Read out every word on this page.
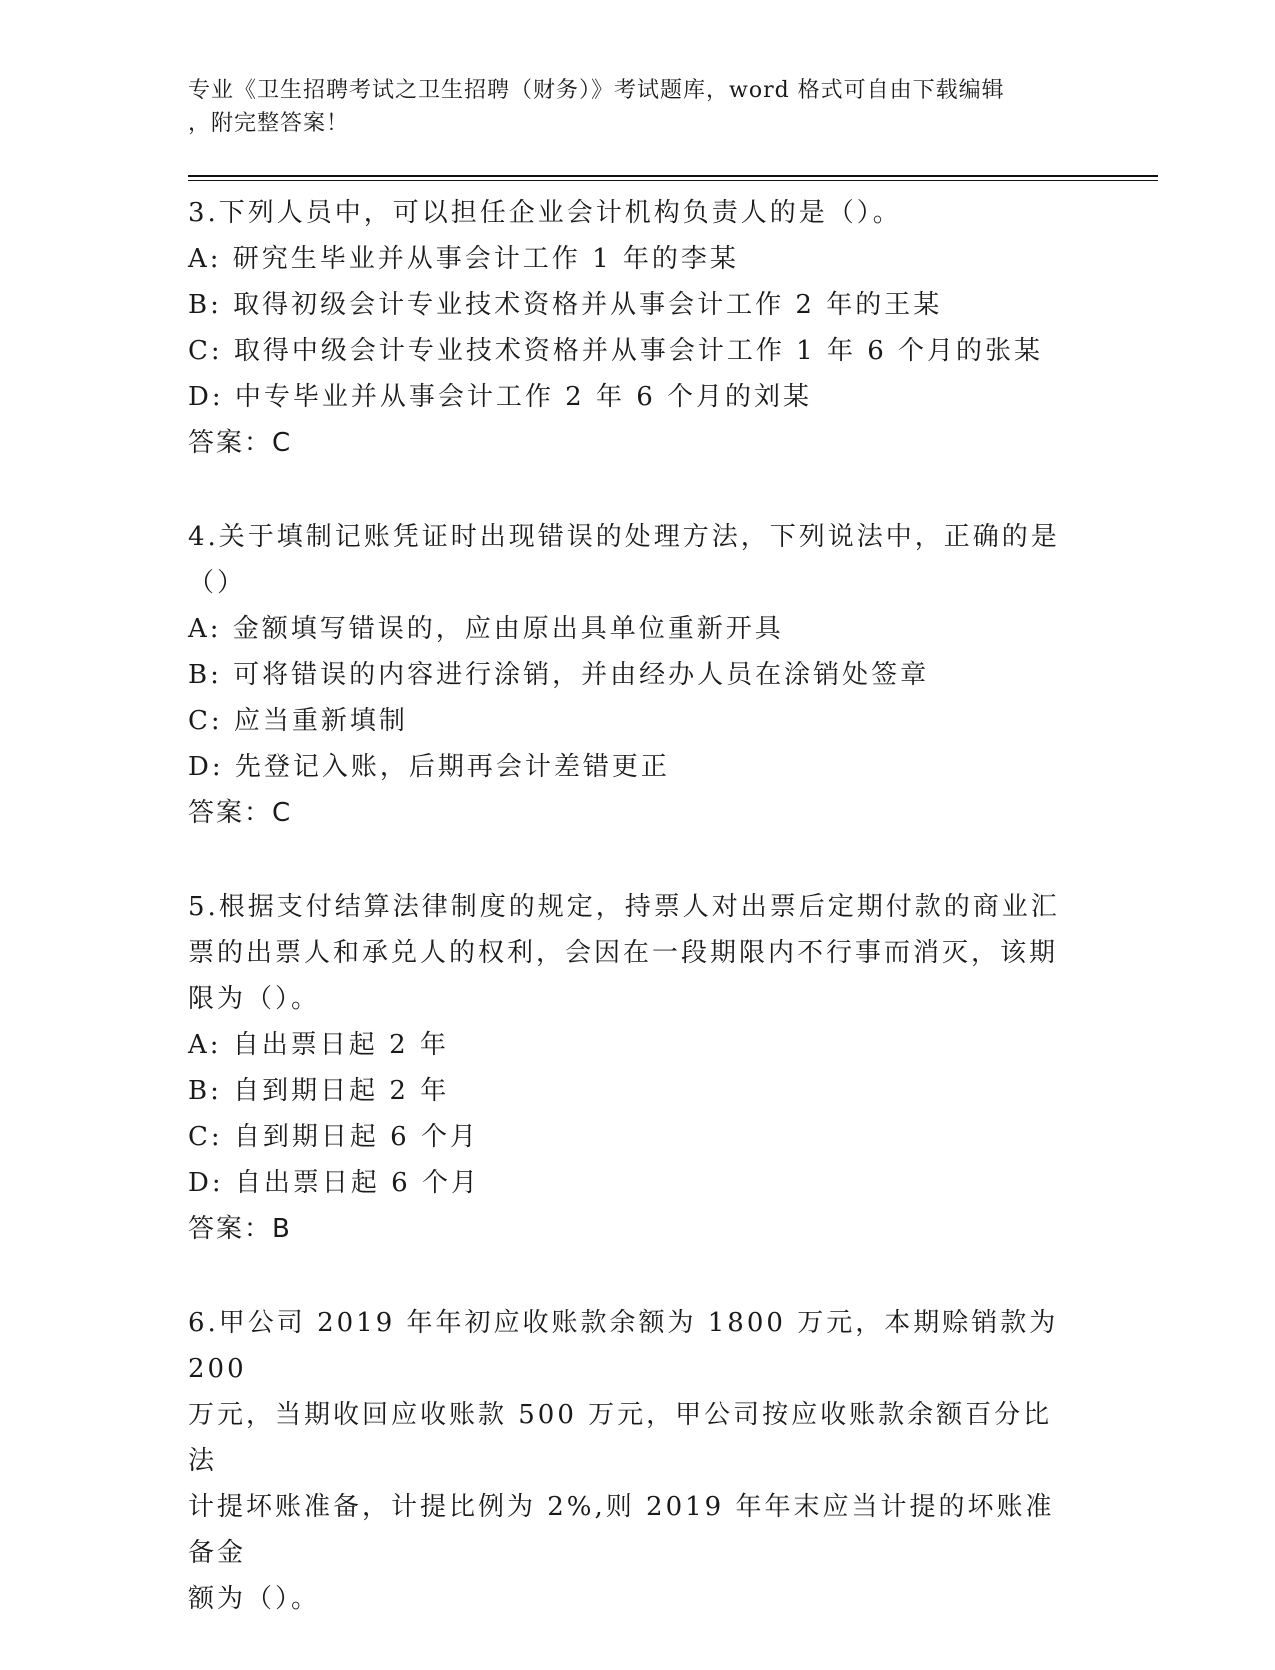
专业《卫生招聘考试之卫生招聘（财务）》考试题库，word 格式可自由下载编辑
，附完整答案！
3.下列人员中，可以担任企业会计机构负责人的是（）。
A: 研究生毕业并从事会计工作 1 年的李某
B: 取得初级会计专业技术资格并从事会计工作 2 年的王某
C: 取得中级会计专业技术资格并从事会计工作 1 年 6 个月的张某
D: 中专毕业并从事会计工作 2 年 6 个月的刘某
答案：C
4.关于填制记账凭证时出现错误的处理方法，下列说法中，正确的是
（）
A: 金额填写错误的，应由原出具单位重新开具
B: 可将错误的内容进行涂销，并由经办人员在涂销处签章
C: 应当重新填制
D: 先登记入账，后期再会计差错更正
答案：C
5.根据支付结算法律制度的规定，持票人对出票后定期付款的商业汇
票的出票人和承兑人的权利，会因在一段期限内不行事而消灭，该期
限为（）。
A: 自出票日起 2 年
B: 自到期日起 2 年
C: 自到期日起 6 个月
D: 自出票日起 6 个月
答案：B
6.甲公司 2019 年年初应收账款余额为 1800 万元，本期赊销款为 200
万元，当期收回应收账款 500 万元，甲公司按应收账款余额百分比法
计提坏账准备，计提比例为 2%,则 2019 年年末应当计提的坏账准备金
额为（）。
